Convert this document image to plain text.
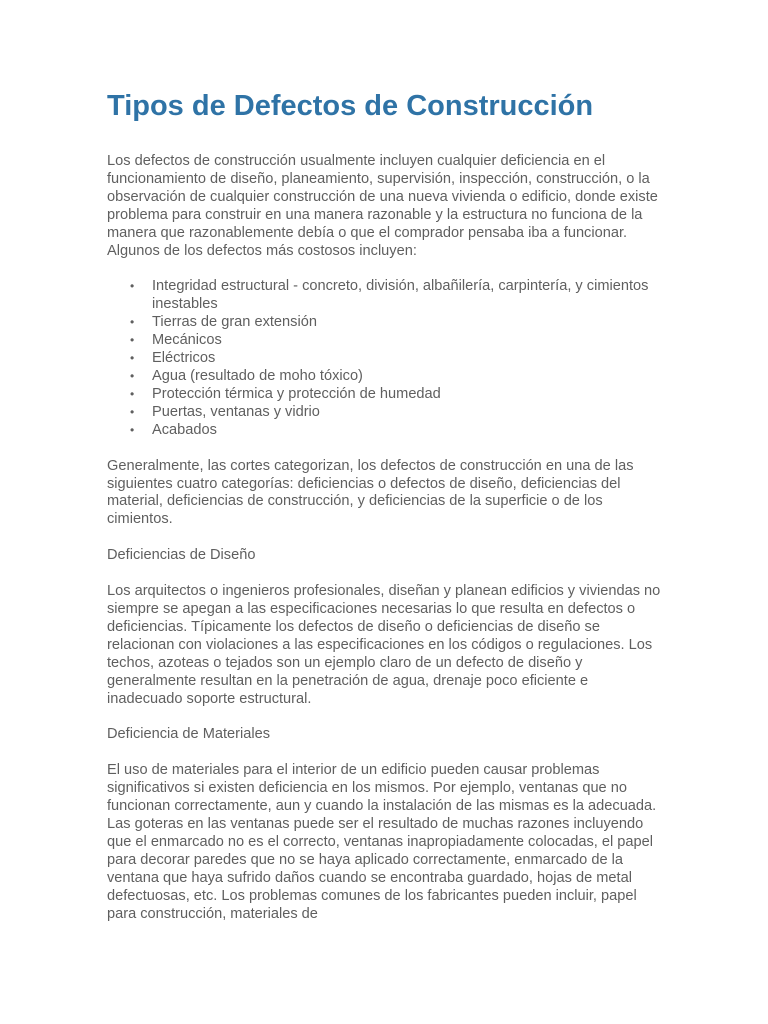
Tipos de Defectos de Construcción

Los defectos de construcción usualmente incluyen cualquier deficiencia en el funcionamiento de diseño, planeamiento, supervisión, inspección, construcción, o la observación de cualquier construcción de una nueva vivienda o edificio, donde existe problema para construir en una manera razonable y la estructura no funciona de la manera que razonablemente debía o que el comprador pensaba iba a funcionar. Algunos de los defectos más costosos incluyen:

• Integridad estructural - concreto, división, albañilería, carpintería, y cimientos inestables
• Tierras de gran extensión
• Mecánicos
• Eléctricos
• Agua (resultado de moho tóxico)
• Protección térmica y protección de humedad
• Puertas, ventanas y vidrio
• Acabados

Generalmente, las cortes categorizan, los defectos de construcción en una de las siguientes cuatro categorías: deficiencias o defectos de diseño, deficiencias del material, deficiencias de construcción, y deficiencias de la superficie o de los cimientos.

Deficiencias de Diseño

Los arquitectos o ingenieros profesionales, diseñan y planean edificios y viviendas no siempre se apegan a las especificaciones necesarias lo que resulta en defectos o deficiencias. Típicamente los defectos de diseño o deficiencias de diseño se relacionan con violaciones a las especificaciones en los códigos o regulaciones. Los techos, azoteas o tejados son un ejemplo claro de un defecto de diseño y generalmente resultan en la penetración de agua, drenaje poco eficiente e inadecuado soporte estructural.

Deficiencia de Materiales

El uso de materiales para el interior de un edificio pueden causar problemas significativos si existen deficiencia en los mismos. Por ejemplo, ventanas que no funcionan correctamente, aun y cuando la instalación de las mismas es la adecuada. Las goteras en las ventanas puede ser el resultado de muchas razones incluyendo que el enmarcado no es el correcto, ventanas inapropiadamente colocadas, el papel para decorar paredes que no se haya aplicado correctamente, enmarcado de la ventana que haya sufrido daños cuando se encontraba guardado, hojas de metal defectuosas, etc. Los problemas comunes de los fabricantes pueden incluir, papel para construcción, materiales de
